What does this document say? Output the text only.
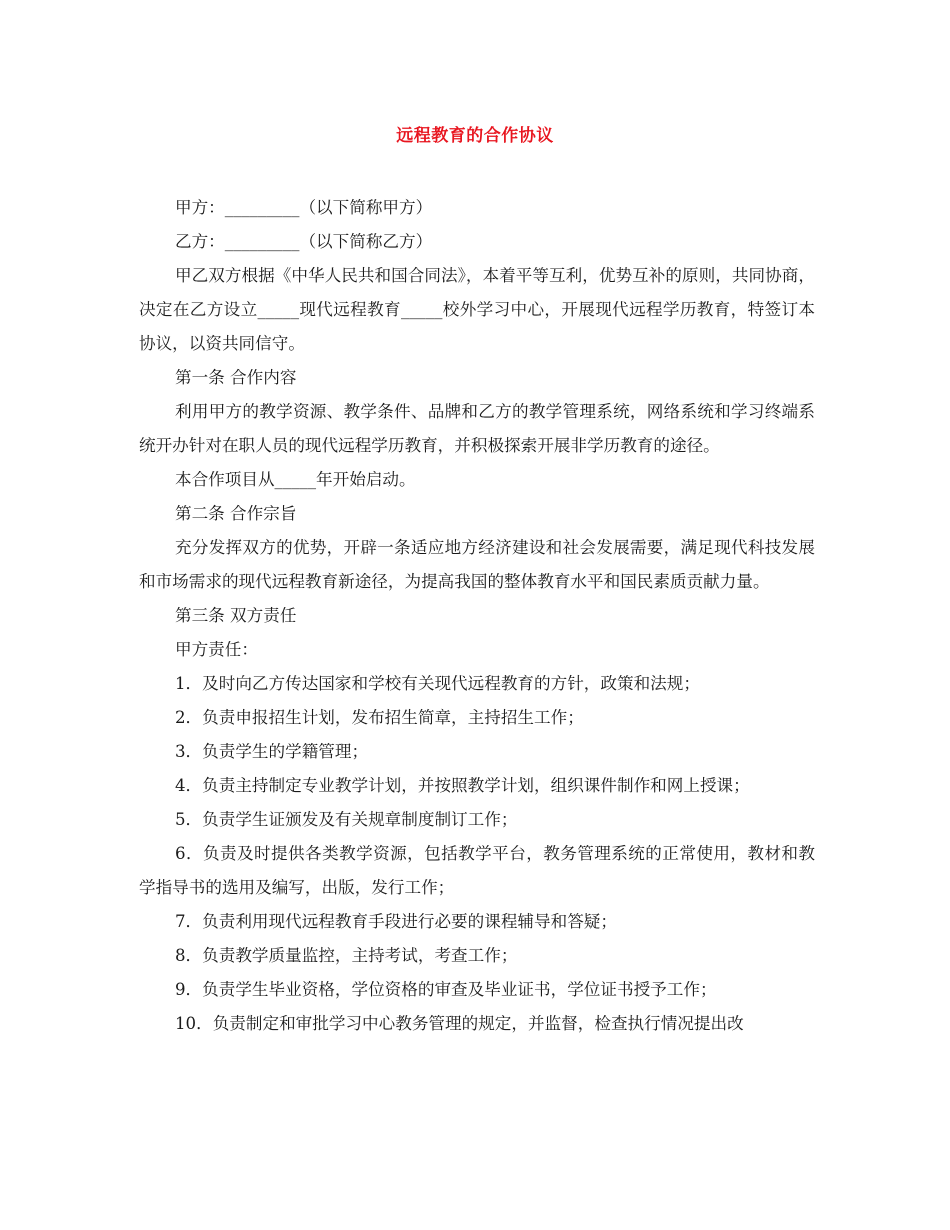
远程教育的合作协议

甲方：_________（以下简称甲方）

乙方：_________（以下简称乙方）

甲乙双方根据《中华人民共和国合同法》，本着平等互利，优势互补的原则，共同协商，决定在乙方设立_____现代远程教育_____校外学习中心，开展现代远程学历教育，特签订本协议，以资共同信守。

第一条 合作内容

利用甲方的教学资源、教学条件、品牌和乙方的教学管理系统，网络系统和学习终端系统开办针对在职人员的现代远程学历教育，并积极探索开展非学历教育的途径。

本合作项目从_____年开始启动。

第二条 合作宗旨

充分发挥双方的优势，开辟一条适应地方经济建设和社会发展需要，满足现代科技发展和市场需求的现代远程教育新途径，为提高我国的整体教育水平和国民素质贡献力量。

第三条 双方责任

甲方责任：

1．及时向乙方传达国家和学校有关现代远程教育的方针，政策和法规；

2．负责申报招生计划，发布招生简章，主持招生工作；

3．负责学生的学籍管理；

4．负责主持制定专业教学计划，并按照教学计划，组织课件制作和网上授课；

5．负责学生证颁发及有关规章制度制订工作；

6．负责及时提供各类教学资源，包括教学平台，教务管理系统的正常使用，教材和教学指导书的选用及编写，出版，发行工作；

7．负责利用现代远程教育手段进行必要的课程辅导和答疑；

8．负责教学质量监控，主持考试，考查工作；

9．负责学生毕业资格，学位资格的审查及毕业证书，学位证书授予工作；

10．负责制定和审批学习中心教务管理的规定，并监督，检查执行情况提出改
